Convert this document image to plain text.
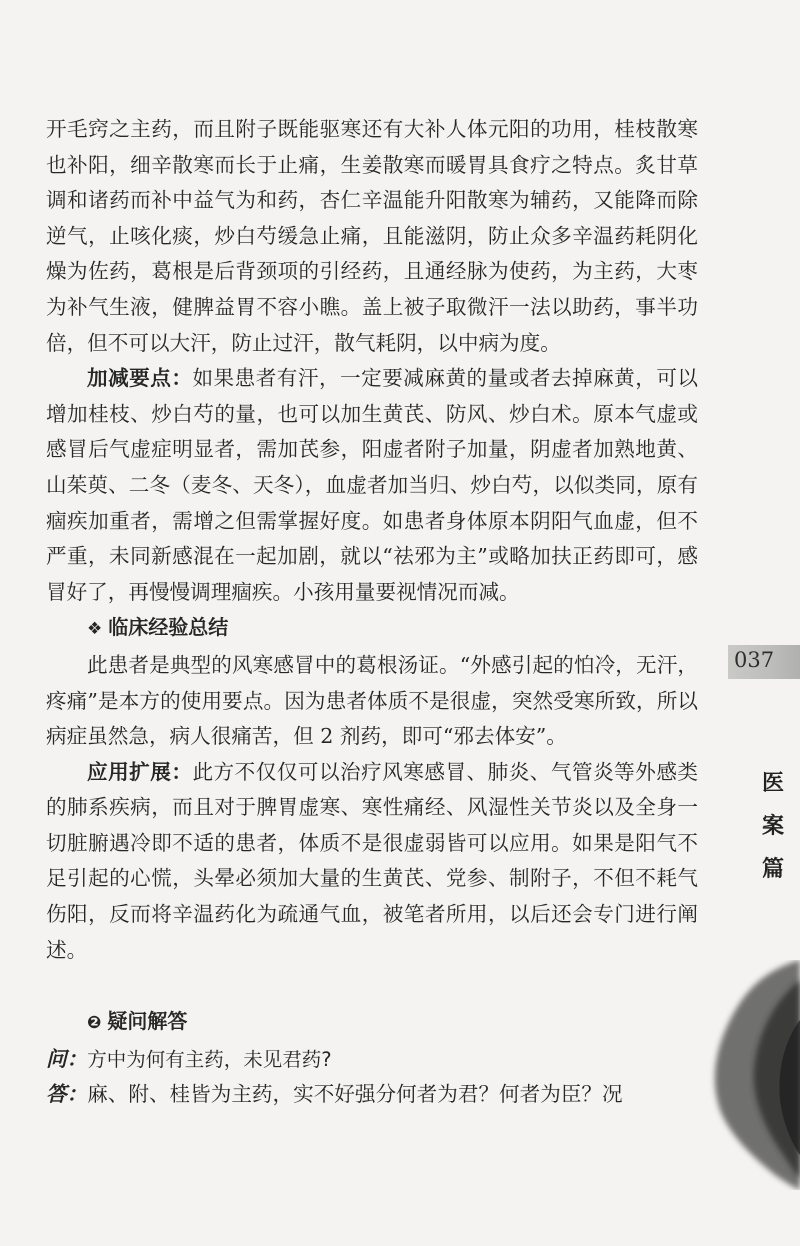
开毛窍之主药，而且附子既能驱寒还有大补人体元阳的功用，桂枝散寒也补阳，细辛散寒而长于止痛，生姜散寒而暖胃具食疗之特点。炙甘草调和诸药而补中益气为和药，杏仁辛温能升阳散寒为辅药，又能降而除逆气，止咳化痰，炒白芍缓急止痛，且能滋阴，防止众多辛温药耗阴化燥为佐药，葛根是后背颈项的引经药，且通经脉为使药，为主药，大枣为补气生液，健脾益胃不容小瞧。盖上被子取微汗一法以助药，事半功倍，但不可以大汗，防止过汗，散气耗阴，以中病为度。

加减要点：如果患者有汗，一定要减麻黄的量或者去掉麻黄，可以增加桂枝、炒白芍的量，也可以加生黄芪、防风、炒白术。原本气虚或感冒后气虚症明显者，需加芪参，阳虚者附子加量，阴虚者加熟地黄、山茱萸、二冬（麦冬、天冬），血虚者加当归、炒白芍，以似类同，原有痼疾加重者，需增之但需掌握好度。如患者身体原本阴阳气血虚，但不严重，未同新感混在一起加剧，就以“祛邪为主”或略加扶正药即可，感冒好了，再慢慢调理痼疾。小孩用量要视情况而减。

❖ 临床经验总结

此患者是典型的风寒感冒中的葛根汤证。“外感引起的怕冷，无汗，疼痛”是本方的使用要点。因为患者体质不是很虚，突然受寒所致，所以病症虽然急，病人很痛苦，但 2 剂药，即可“邪去体安”。

应用扩展：此方不仅仅可以治疗风寒感冒、肺炎、气管炎等外感类的肺系疾病，而且对于脾胃虚寒、寒性痛经、风湿性关节炎以及全身一切脏腑遇冷即不适的患者，体质不是很虚弱皆可以应用。如果是阳气不足引起的心慌，头晕必须加大量的生黄芪、党参、制附子，不但不耗气伤阳，反而将辛温药化为疏通气血，被笔者所用，以后还会专门进行阐述。

❷ 疑问解答

问：方中为何有主药，未见君药?

答：麻、附、桂皆为主药，实不好强分何者为君？何者为臣？况

037
医
案
篇
